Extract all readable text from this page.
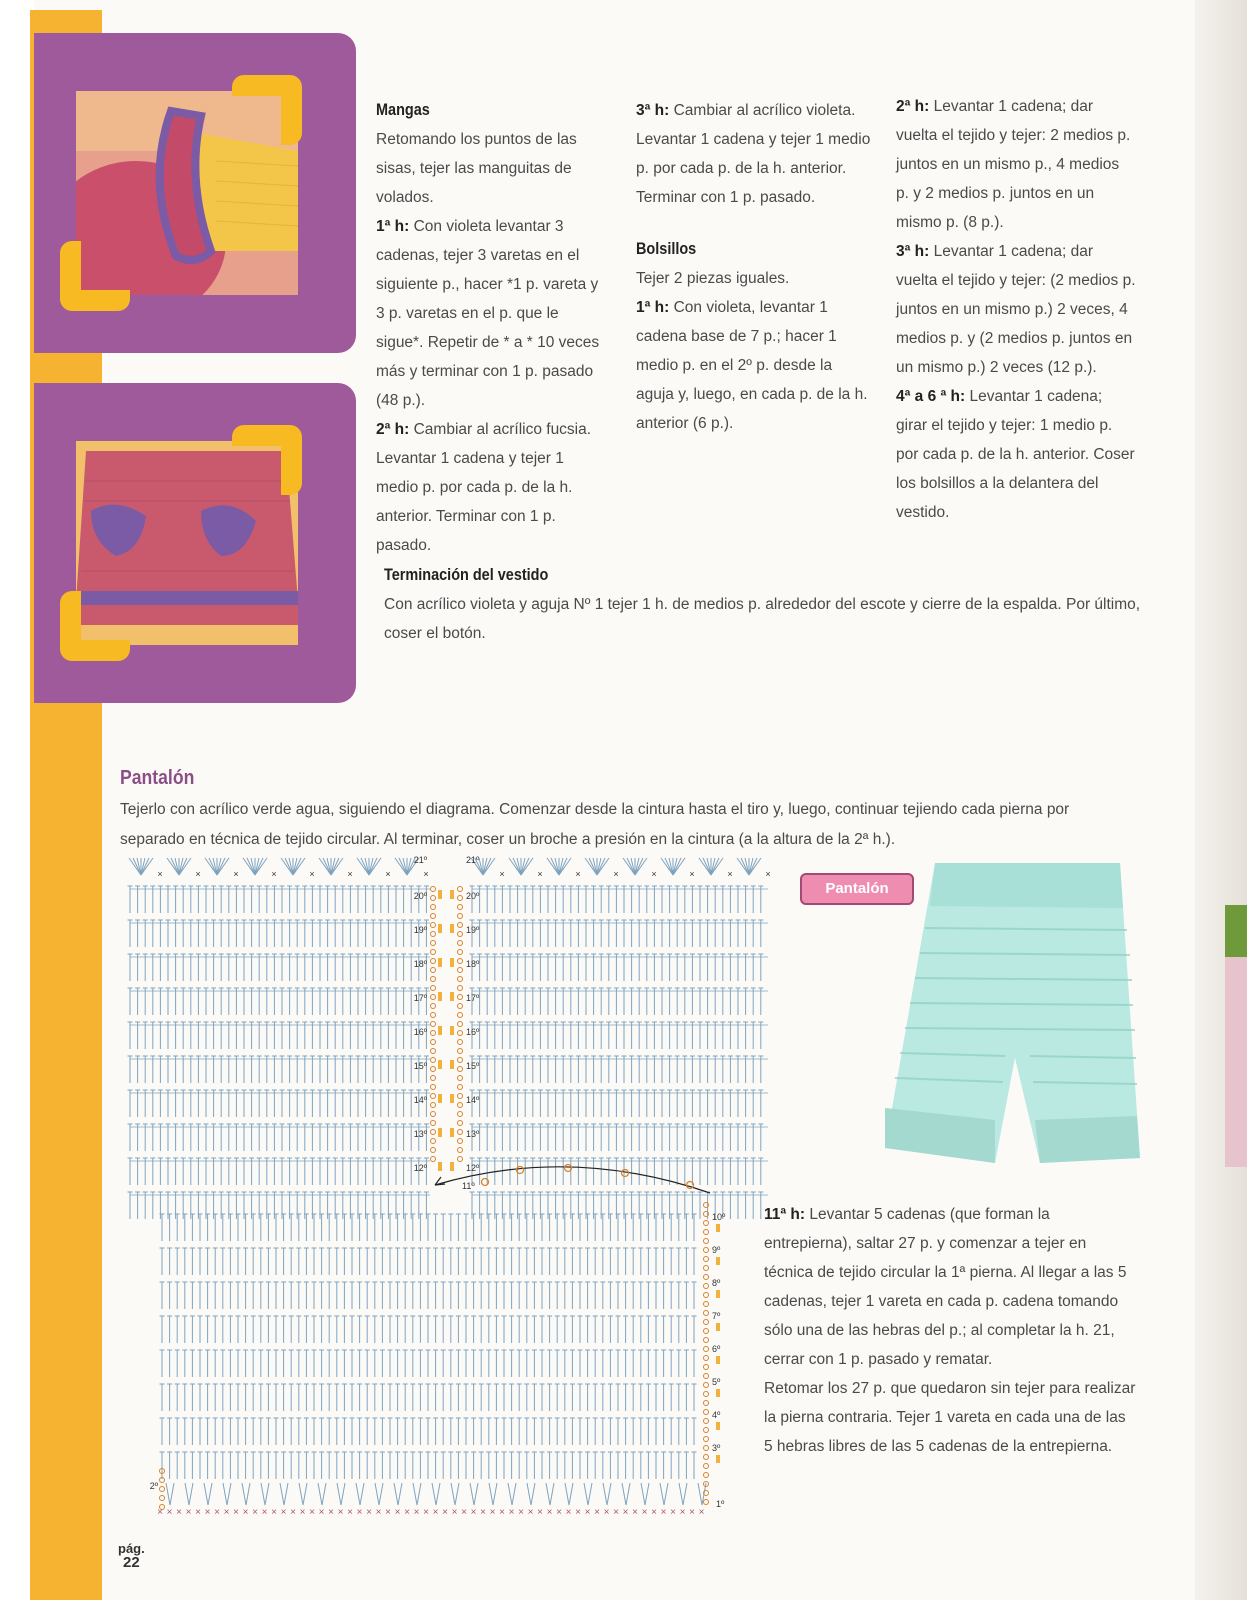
Mangas

Retomando los puntos de las sisas, tejer las manguitas de volados.

1ª h: Con violeta levantar 3 cadenas, tejer 3 varetas en el siguiente p., hacer *1 p. vareta y 3 p. varetas en el p. que le sigue*. Repetir de * a * 10 veces más y terminar con 1 p. pasado (48 p.).

2ª h: Cambiar al acrílico fucsia. Levantar 1 cadena y tejer 1 medio p. por cada p. de la h. anterior. Terminar con 1 p. pasado.

3ª h: Cambiar al acrílico violeta. Levantar 1 cadena y tejer 1 medio p. por cada p. de la h. anterior. Terminar con 1 p. pasado.

Bolsillos

Tejer 2 piezas iguales.

1ª h: Con violeta, levantar 1 cadena base de 7 p.; hacer 1 medio p. en el 2º p. desde la aguja y, luego, en cada p. de la h. anterior (6 p.).

2ª h: Levantar 1 cadena; dar vuelta el tejido y tejer: 2 medios p. juntos en un mismo p., 4 medios p. y 2 medios p. juntos en un mismo p. (8 p.).

3ª h: Levantar 1 cadena; dar vuelta el tejido y tejer: (2 medios p. juntos en un mismo p.) 2 veces, 4 medios p. y (2 medios p. juntos en un mismo p.) 2 veces (12 p.).

4ª a 6 ª h: Levantar 1 cadena; girar el tejido y tejer: 1 medio p. por cada p. de la h. anterior. Coser los bolsillos a la delantera del vestido.

Terminación del vestido

Con acrílico violeta y aguja Nº 1 tejer 1 h. de medios p. alrededor del escote y cierre de la espalda. Por último, coser el botón.

Pantalón
Tejerlo con acrílico verde agua, siguiendo el diagrama. Comenzar desde la cintura hasta el tiro y, luego, continuar tejiendo cada pierna por separado en técnica de tejido circular. Al terminar, coser un broche a presión en la cintura (a la altura de la 2ª h.).
×	×	×	×	×	×	×	×	×	×	×	×	×	×	×	×
21º	21º
20º	20º
19º	19º
18º	18º
17º	17º
16º	16º
15º	15º
14º	14º
13º	13º
12º	12º
11º
× × × × × × × × × × × × × × × × × × × × × × × × × × × × × × × × × × × × × × × × × × × × × × × × × × × × × × × × × ×
10º
9º
8º
7º
6º
5º
4º
3º
2º
1º
Pantalón

11ª h: Levantar 5 cadenas (que forman la entrepierna), saltar 27 p. y comenzar a tejer en técnica de tejido circular la 1ª pierna. Al llegar a las 5 cadenas, tejer 1 vareta en cada p. cadena tomando sólo una de las hebras del p.; al completar la h. 21, cerrar con 1 p. pasado y rematar.

Retomar los 27 p. que quedaron sin tejer para realizar la pierna contraria. Tejer 1 vareta en cada una de las 5 hebras libres de las 5 cadenas de la entrepierna.

pág.
22
